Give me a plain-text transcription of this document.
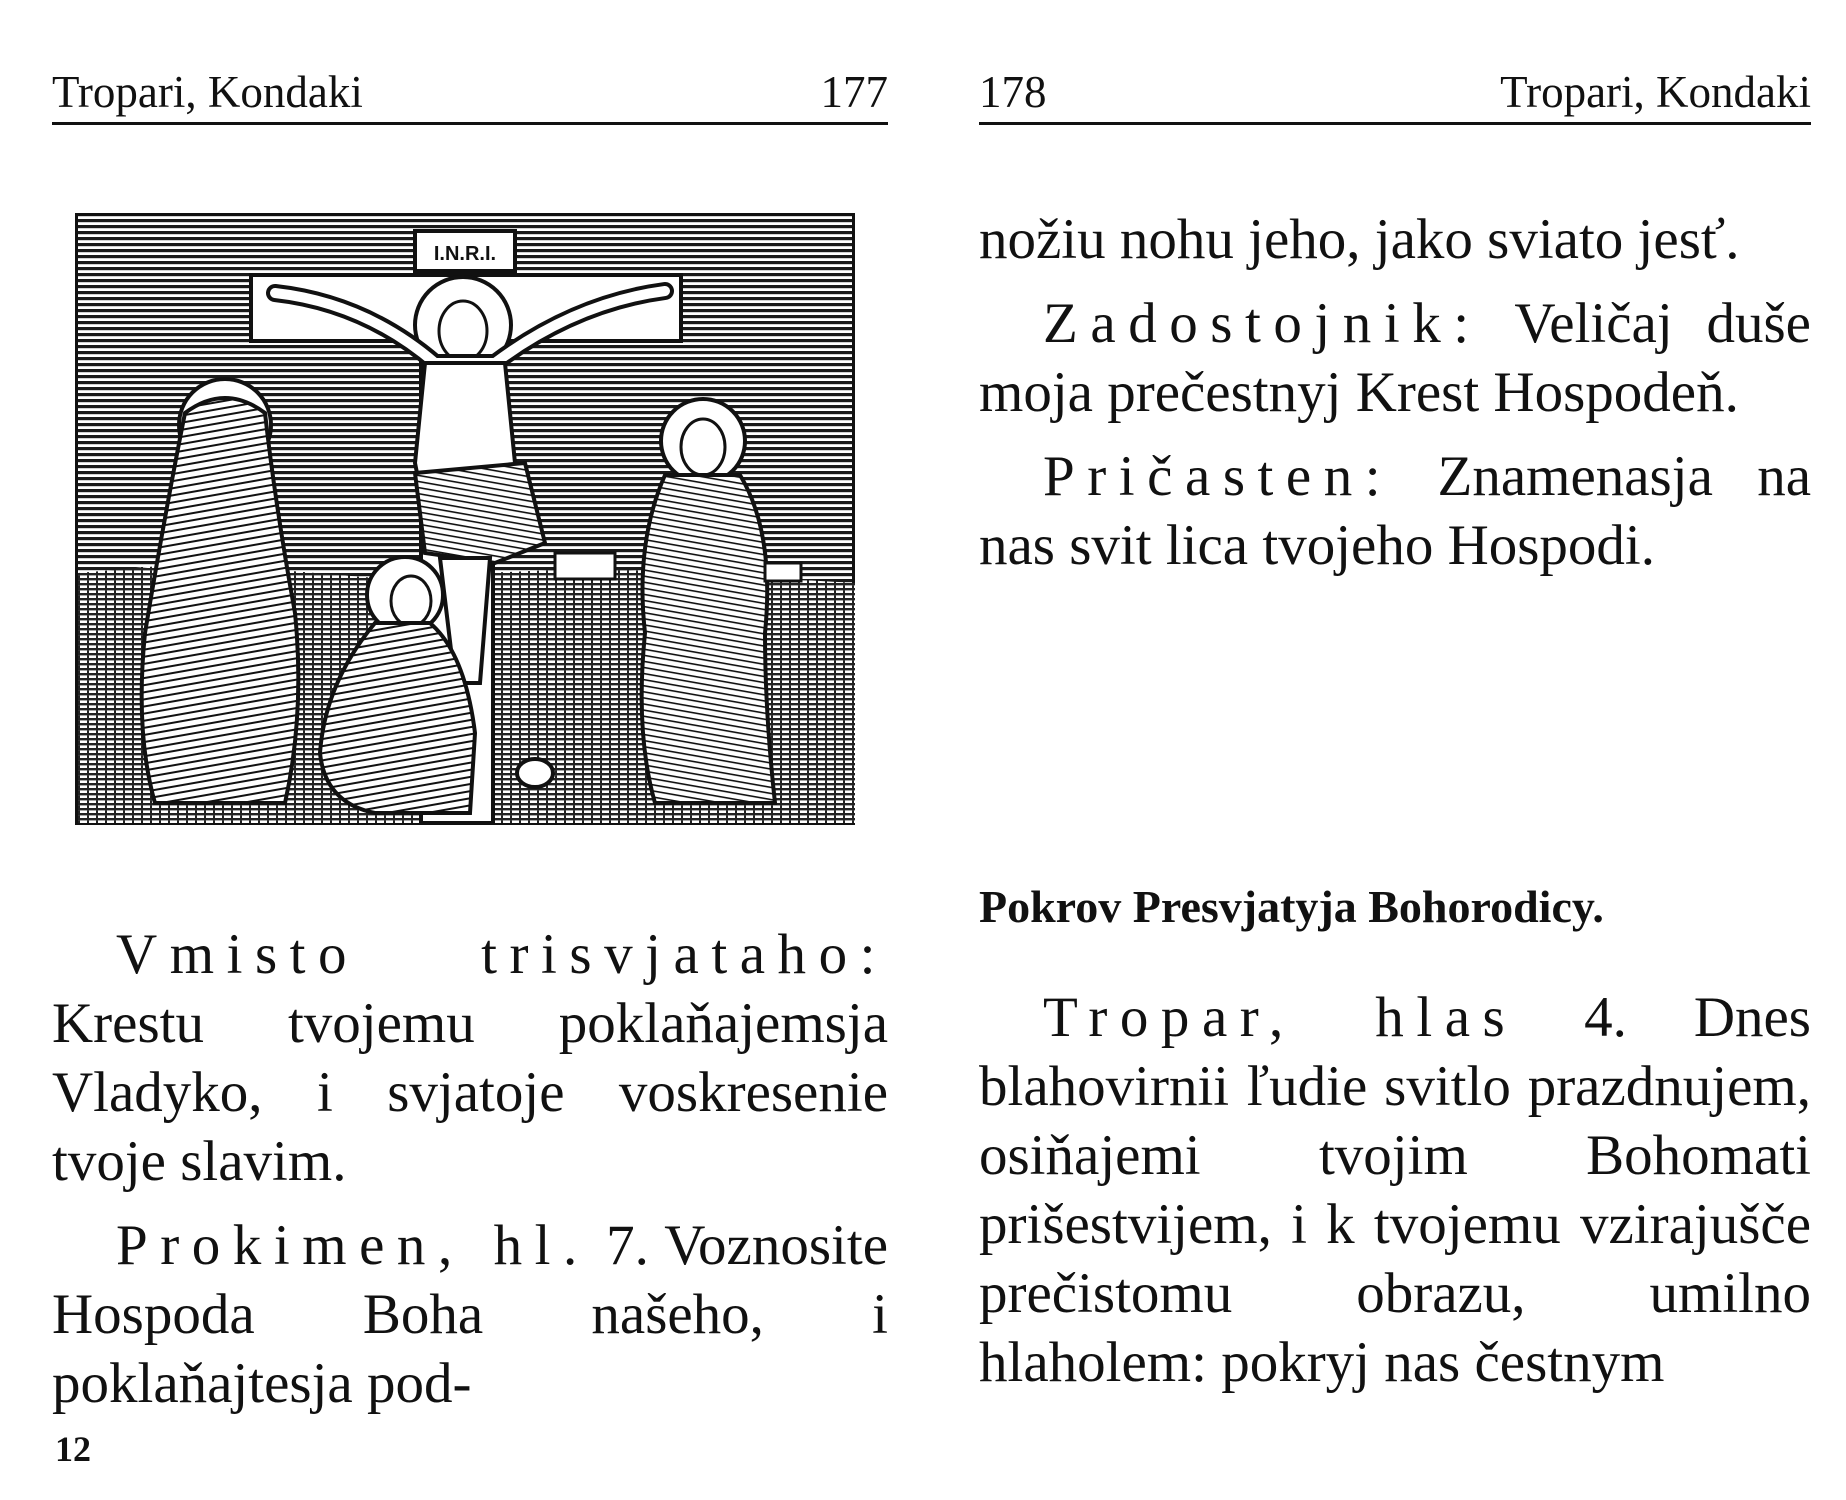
Tropari, Kondaki	177
I.N.R.I.

Vmisto trisvjataho: Krestu tvojemu poklaňajemsja Vladyko, i svjatoje voskresenie tvoje slavim.

Prokimen, hl. 7. Voznosite Hospoda Boha našeho, i poklaňajtesja pod-

12
178	Tropari, Kondaki

nožiu nohu jeho, jako sviato jesť.

Zadostojnik: Veličaj duše moja prečestnyj Krest Hospodeň.

Pričasten: Znamenasja na nas svit lica tvojeho Hospodi.

Pokrov Presvjatyja Bohorodicy.

Tropar, hlas 4. Dnes blahovirnii ľudie svitlo prazdnujem, osiňajemi tvojim Bohomati prišestvijem, i k tvojemu vzirajušče prečistomu obrazu, umilno hlaholem: pokryj nas čestnym
